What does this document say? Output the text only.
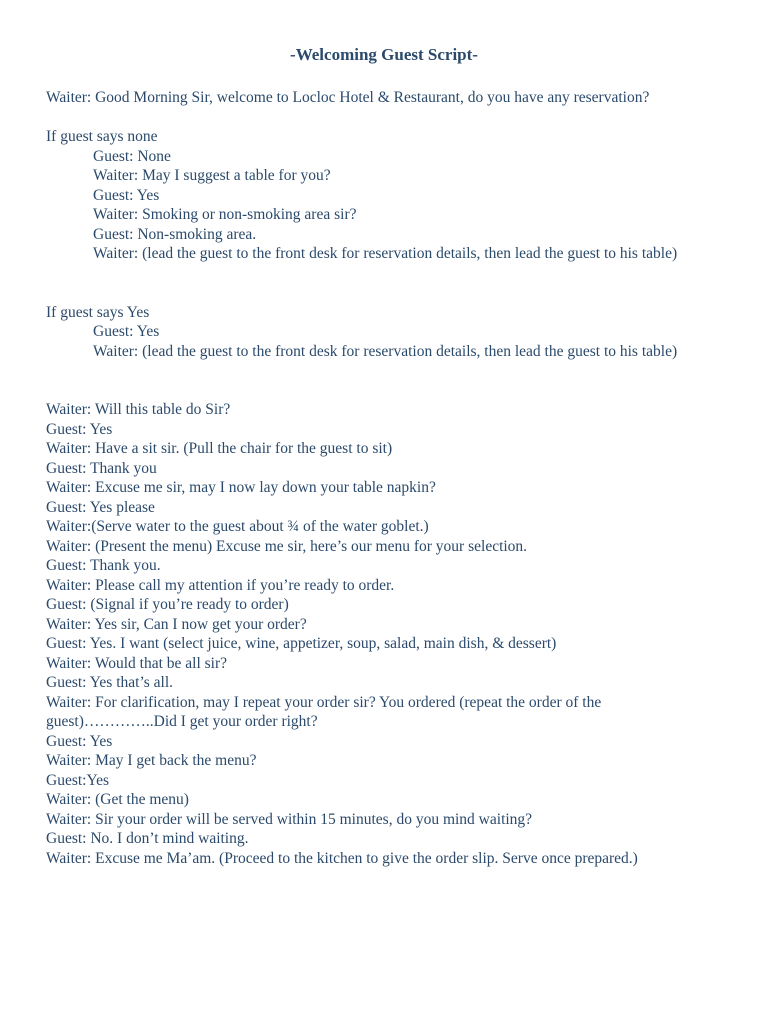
-Welcoming Guest Script-
Waiter: Good Morning Sir, welcome to Locloc Hotel & Restaurant, do you have any reservation?
If guest says none
Guest: None
Waiter: May I suggest a table for you?
Guest: Yes
Waiter: Smoking or non-smoking area sir?
Guest: Non-smoking area.
Waiter: (lead the guest to the front desk for reservation details, then lead the guest to his table)
If guest says Yes
Guest: Yes
Waiter: (lead the guest to the front desk for reservation details, then lead the guest to his table)
Waiter: Will this table do Sir?
Guest: Yes
Waiter: Have a sit sir. (Pull the chair for the guest to sit)
Guest: Thank you
Waiter: Excuse me sir, may I now lay down your table napkin?
Guest: Yes please
Waiter:(Serve water to the guest about ¾ of the water goblet.)
Waiter: (Present the menu) Excuse me sir, here’s our menu for your selection.
Guest: Thank you.
Waiter: Please call my attention if you’re ready to order.
Guest: (Signal if you’re ready to order)
Waiter: Yes sir, Can I now get your order?
Guest: Yes. I want (select juice, wine, appetizer, soup, salad, main dish, & dessert)
Waiter: Would that be all sir?
Guest: Yes that’s all.
Waiter: For clarification, may I repeat your order sir? You ordered (repeat the order of the guest)…………..Did I get your order right?
Guest: Yes
Waiter: May I get back the menu?
Guest:Yes
Waiter: (Get the menu)
Waiter: Sir your order will be served within 15 minutes, do you mind waiting?
Guest: No. I don’t mind waiting.
Waiter: Excuse me Ma’am. (Proceed to the kitchen to give the order slip. Serve once prepared.)
